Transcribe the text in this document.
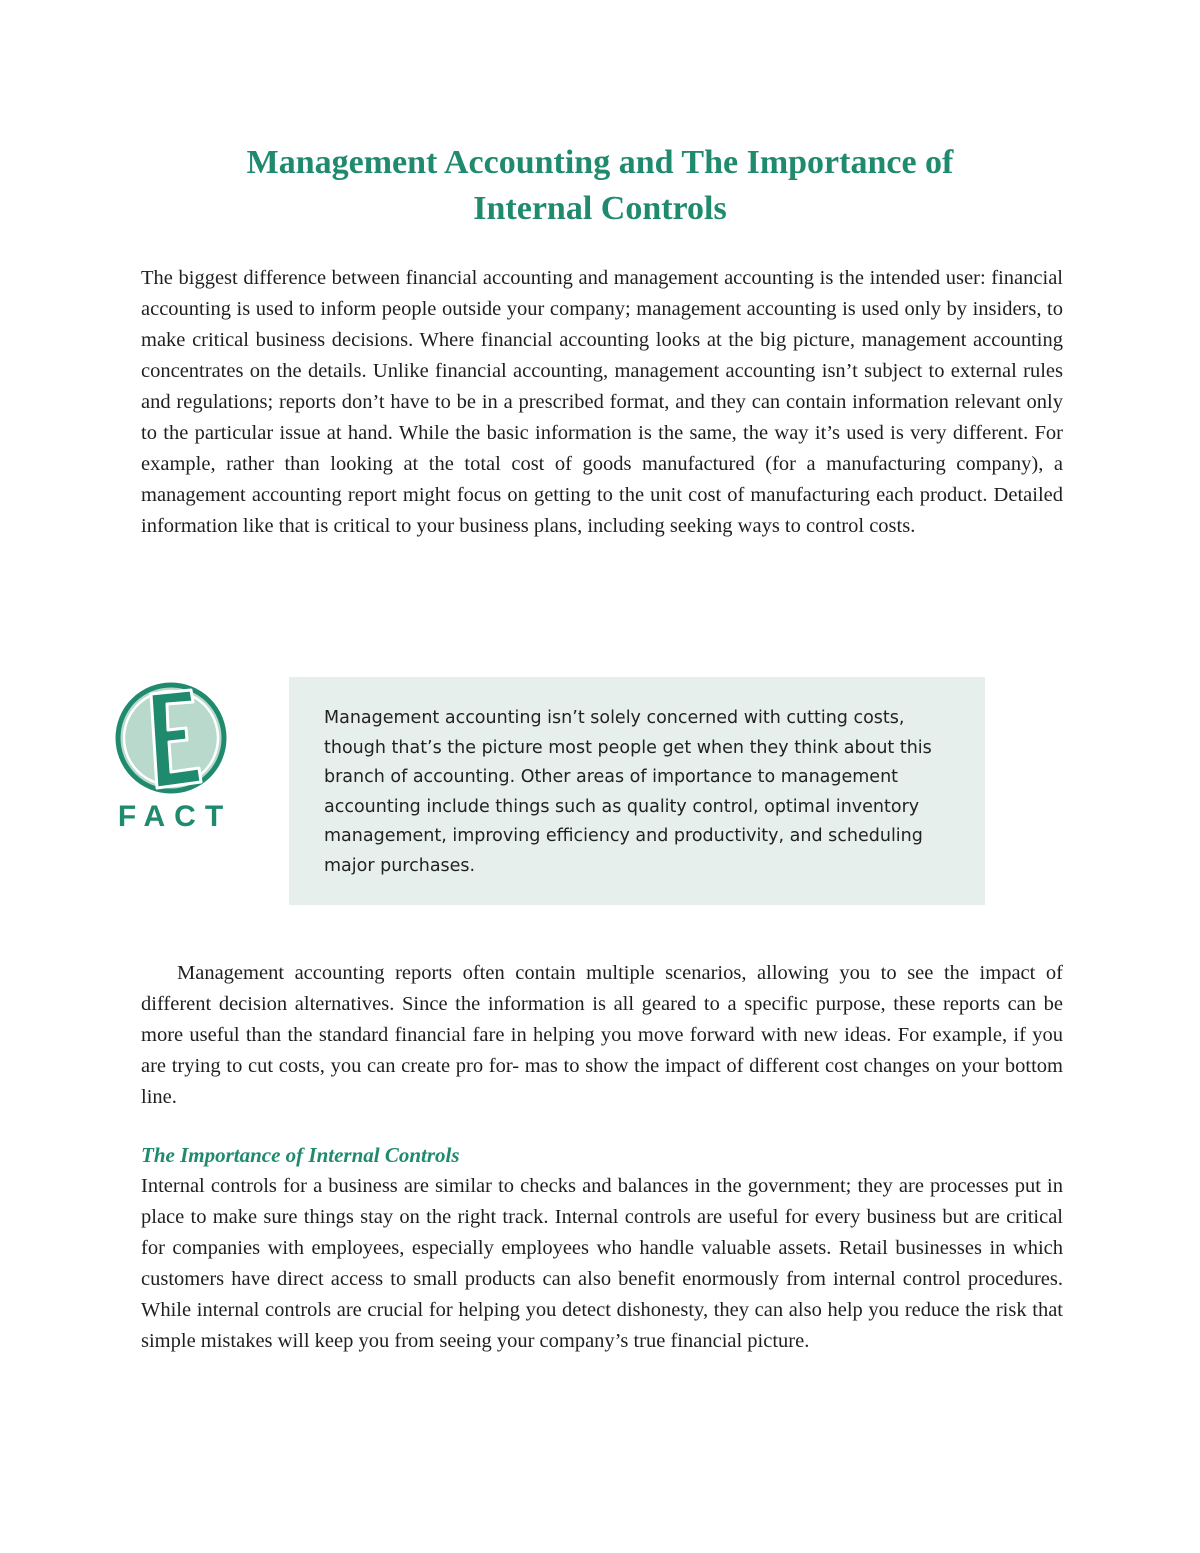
Management Accounting and The Importance of
Internal Controls

The biggest difference between financial accounting and management accounting is the intended user: financial accounting is used to inform people outside your company; management accounting is used only by insiders, to make critical business decisions. Where financial accounting looks at the big picture, management accounting concentrates on the details. Unlike financial accounting, management accounting isn’t subject to external rules and regulations; reports don’t have to be in a prescribed format, and they can contain information relevant only to the particular issue at hand. While the basic information is the same, the way it’s used is very different. For example, rather than looking at the total cost of goods manufactured (for a manufacturing company), a management accounting report might focus on getting to the unit cost of manufacturing each product. Detailed information like that is critical to your business plans, including seeking ways to control costs.

FACT

Management accounting isn’t solely concerned with cutting costs, though that’s the picture most people get when they think about this branch of accounting. Other areas of importance to management accounting include things such as quality control, optimal inventory management, improving efficiency and productivity, and scheduling major purchases.

Management accounting reports often contain multiple scenarios, allowing you to see the impact of different decision alternatives. Since the information is all geared to a specific purpose, these reports can be more useful than the standard financial fare in helping you move forward with new ideas. For example, if you are trying to cut costs, you can create pro for- mas to show the impact of different cost changes on your bottom line.

The Importance of Internal Controls

Internal controls for a business are similar to checks and balances in the government; they are processes put in place to make sure things stay on the right track. Internal controls are useful for every business but are critical for companies with employees, especially employees who handle valuable assets. Retail businesses in which customers have direct access to small products can also benefit enormously from internal control procedures. While internal controls are crucial for helping you detect dishonesty, they can also help you reduce the risk that simple mistakes will keep you from seeing your company’s true financial picture.
